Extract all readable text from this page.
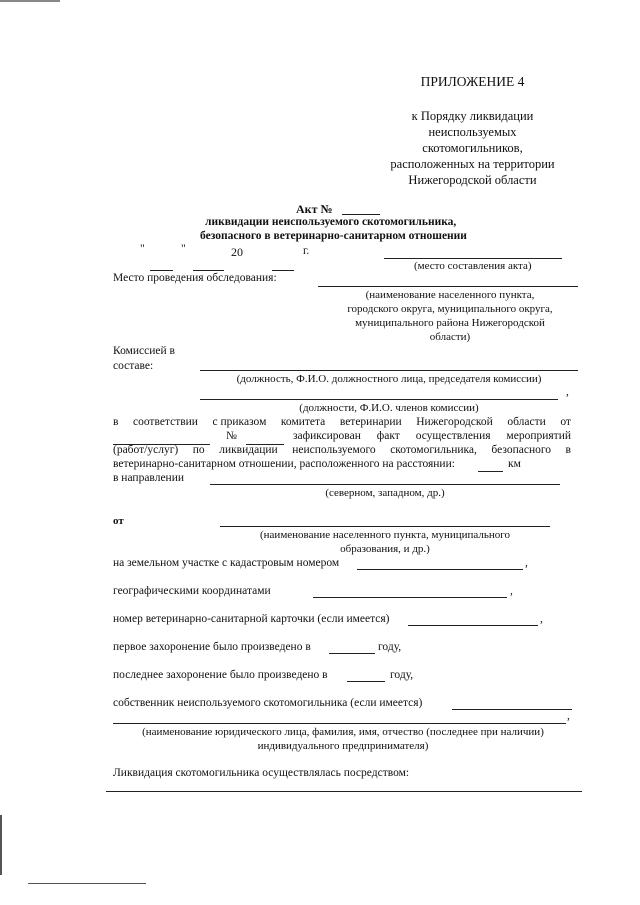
ПРИЛОЖЕНИЕ 4
к Порядку ликвидации
неиспользуемых
скотомогильников,
расположенных на территории
Нижегородской области
Акт №
ликвидации неиспользуемого скотомогильника,
безопасного в ветеринарно-санитарном отношении
"	"	20	г.
(место составления акта)
Место проведения обследования:
(наименование населенного пункта,
городского округа, муниципального округа,
муниципального района Нижегородской
области)
Комиссией в
составе:
(должность, Ф.И.О. должностного лица, председателя комиссии)
,
(должности, Ф.И.О. членов комиссии)
в соответствии с приказом комитета ветеринарии Нижегородской области от
№	зафиксирован факт осуществления мероприятий
(работ/услуг) по ликвидации неиспользуемого скотомогильника, безопасного в
ветеринарно-санитарном отношении, расположенного на расстоянии:	км
в направлении
(северном, западном, др.)
от
(наименование населенного пункта, муниципального
образования, и др.)
на земельном участке с кадастровым номером	,
географическими координатами	,
номер ветеринарно-санитарной карточки (если имеется)	,
первое захоронение было произведено в	году,
последнее захоронение было произведено в	году,
собственник неиспользуемого скотомогильника (если имеется)
,
(наименование юридического лица, фамилия, имя, отчество (последнее при наличии)
индивидуального предпринимателя)
Ликвидация скотомогильника осуществлялась посредством:
